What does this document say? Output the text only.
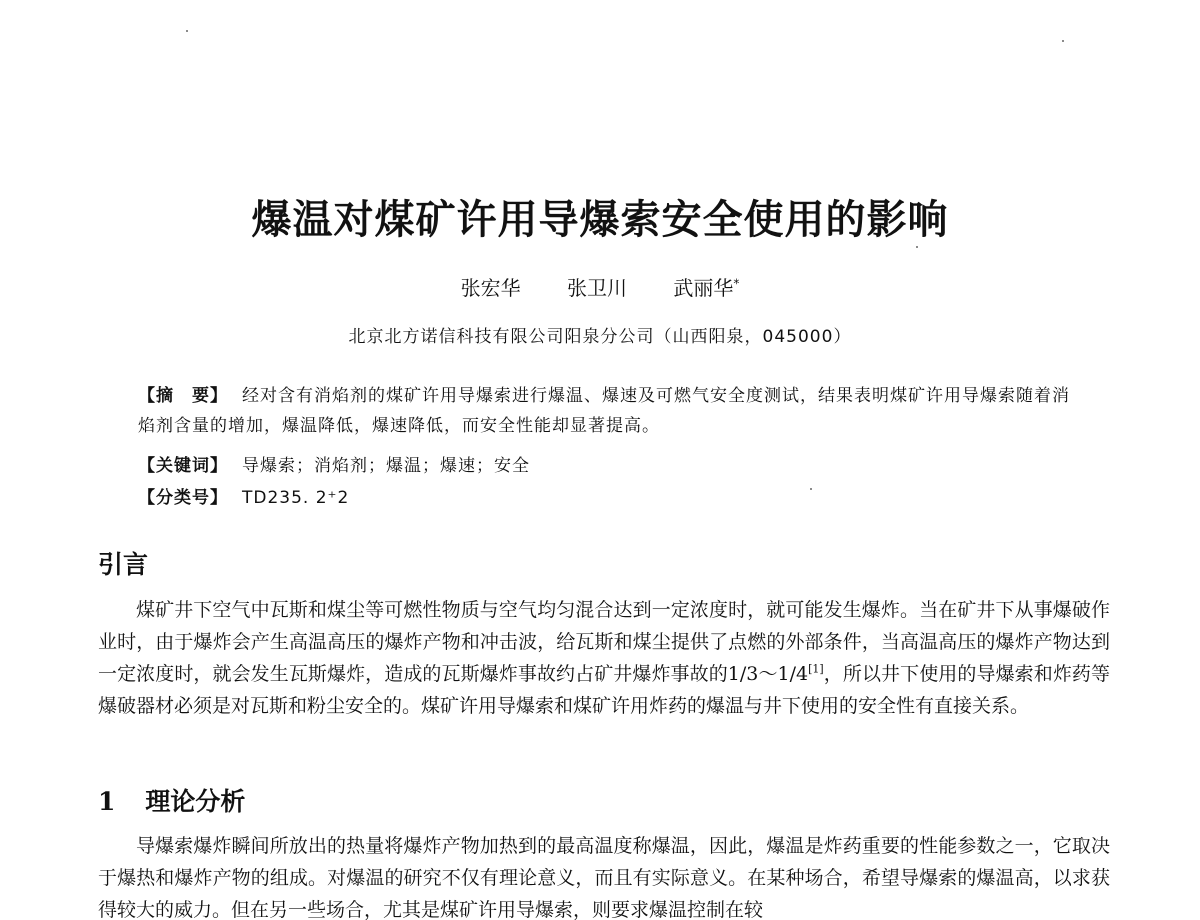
爆温对煤矿许用导爆索安全使用的影响
张宏华 张卫川 武丽华*
北京北方诺信科技有限公司阳泉分公司（山西阳泉，045000）
【摘　要】 经对含有消焰剂的煤矿许用导爆索进行爆温、爆速及可燃气安全度测试，结果表明煤矿许用导爆索随着消焰剂含量的增加，爆温降低，爆速降低，而安全性能却显著提高。
【关键词】 导爆索；消焰剂；爆温；爆速；安全
【分类号】 TD235. 2⁺2
引言
煤矿井下空气中瓦斯和煤尘等可燃性物质与空气均匀混合达到一定浓度时，就可能发生爆炸。当在矿井下从事爆破作业时，由于爆炸会产生高温高压的爆炸产物和冲击波，给瓦斯和煤尘提供了点燃的外部条件，当高温高压的爆炸产物达到一定浓度时，就会发生瓦斯爆炸，造成的瓦斯爆炸事故约占矿井爆炸事故的1/3～1/4[1]，所以井下使用的导爆索和炸药等爆破器材必须是对瓦斯和粉尘安全的。煤矿许用导爆索和煤矿许用炸药的爆温与井下使用的安全性有直接关系。
1 理论分析
导爆索爆炸瞬间所放出的热量将爆炸产物加热到的最高温度称爆温，因此，爆温是炸药重要的性能参数之一，它取决于爆热和爆炸产物的组成。对爆温的研究不仅有理论意义，而且有实际意义。在某种场合，希望导爆索的爆温高，以求获得较大的威力。但在另一些场合，尤其是煤矿许用导爆索，则要求爆温控制在较
